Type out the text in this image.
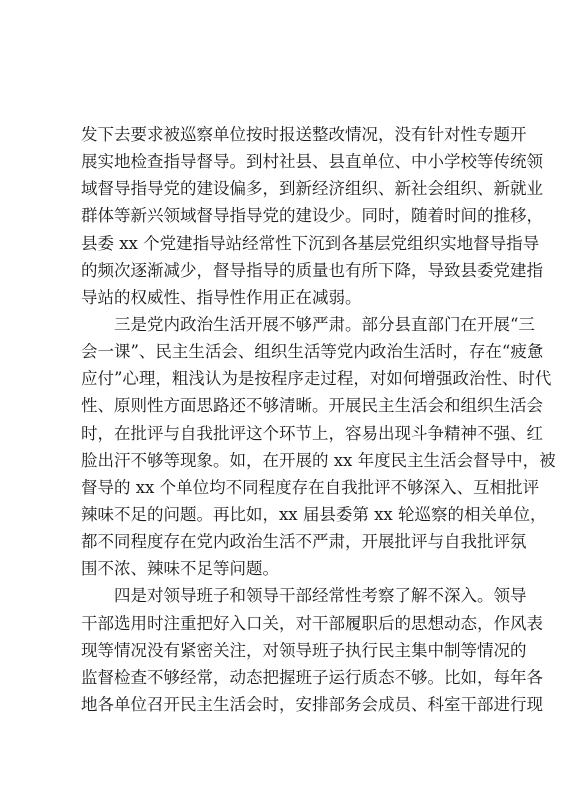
发下去要求被巡察单位按时报送整改情况，没有针对性专题开
展实地检查指导督导。到村社县、县直单位、中小学校等传统领
域督导指导党的建设偏多，到新经济组织、新社会组织、新就业
群体等新兴领域督导指导党的建设少。同时，随着时间的推移，
县委 xx 个党建指导站经常性下沉到各基层党组织实地督导指导
的频次逐渐减少，督导指导的质量也有所下降，导致县委党建指
导站的权威性、指导性作用正在减弱。
三是党内政治生活开展不够严肃。部分县直部门在开展“三
会一课”、民主生活会、组织生活等党内政治生活时，存在“疲惫
应付”心理，粗浅认为是按程序走过程，对如何增强政治性、时代
性、原则性方面思路还不够清晰。开展民主生活会和组织生活会
时，在批评与自我批评这个环节上，容易出现斗争精神不强、红
脸出汗不够等现象。如，在开展的 xx 年度民主生活会督导中，被
督导的 xx 个单位均不同程度存在自我批评不够深入、互相批评
辣味不足的问题。再比如，xx 届县委第 xx 轮巡察的相关单位，
都不同程度存在党内政治生活不严肃，开展批评与自我批评氛
围不浓、辣味不足等问题。
四是对领导班子和领导干部经常性考察了解不深入。领导
干部选用时注重把好入口关，对干部履职后的思想动态，作风表
现等情况没有紧密关注，对领导班子执行民主集中制等情况的
监督检查不够经常，动态把握班子运行质态不够。比如，每年各
地各单位召开民主生活会时，安排部务会成员、科室干部进行现
